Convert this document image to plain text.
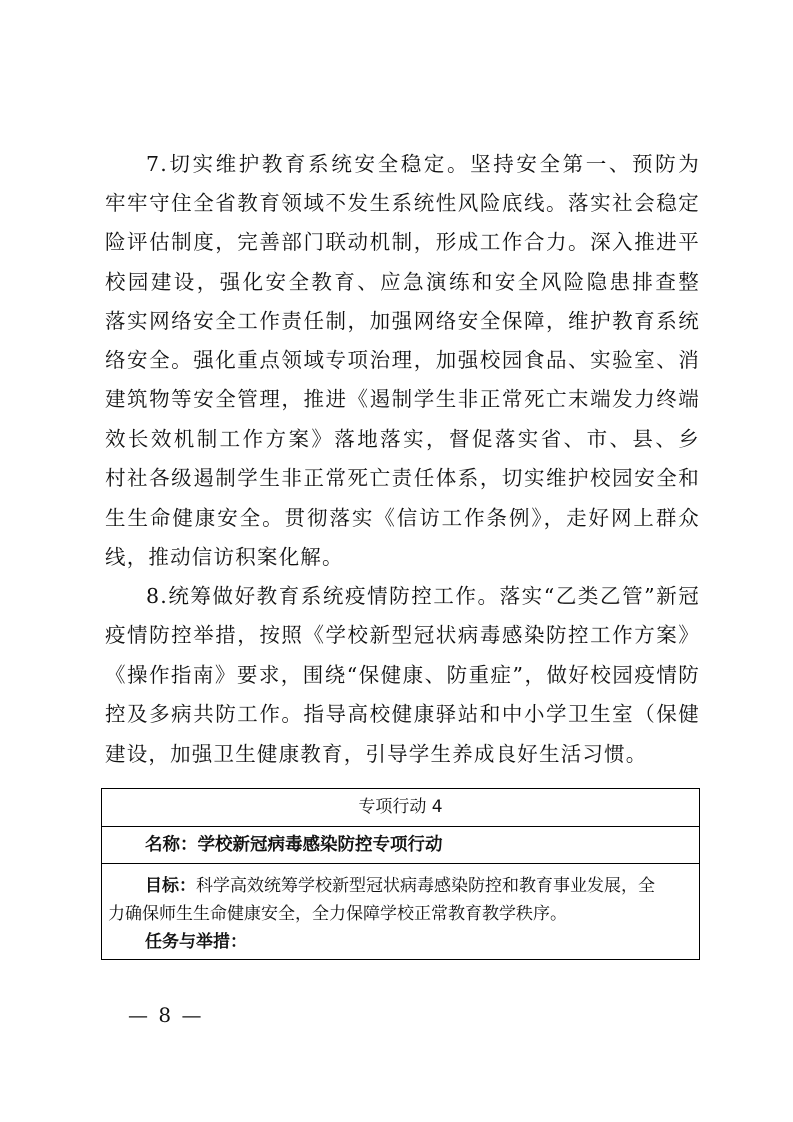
7.切实维护教育系统安全稳定。坚持安全第一、预防为
牢牢守住全省教育领域不发生系统性风险底线。落实社会稳定
险评估制度，完善部门联动机制，形成工作合力。深入推进平
校园建设，强化安全教育、应急演练和安全风险隐患排查整
落实网络安全工作责任制，加强网络安全保障，维护教育系统
络安全。强化重点领域专项治理，加强校园食品、实验室、消
建筑物等安全管理，推进《遏制学生非正常死亡末端发力终端
效长效机制工作方案》落地落实，督促落实省、市、县、乡
村社各级遏制学生非正常死亡责任体系，切实维护校园安全和
生生命健康安全。贯彻落实《信访工作条例》，走好网上群众
线，推动信访积案化解。
8.统筹做好教育系统疫情防控工作。落实“乙类乙管”新冠
疫情防控举措，按照《学校新型冠状病毒感染防控工作方案》
《操作指南》要求，围绕“保健康、防重症”，做好校园疫情防
控及多病共防工作。指导高校健康驿站和中小学卫生室（保健
建设，加强卫生健康教育，引导学生养成良好生活习惯。
专项行动 4
名称：学校新冠病毒感染防控专项行动
目标：科学高效统筹学校新型冠状病毒感染防控和教育事业发展，全
力确保师生生命健康安全，全力保障学校正常教育教学秩序。
任务与举措：
— 8 —
